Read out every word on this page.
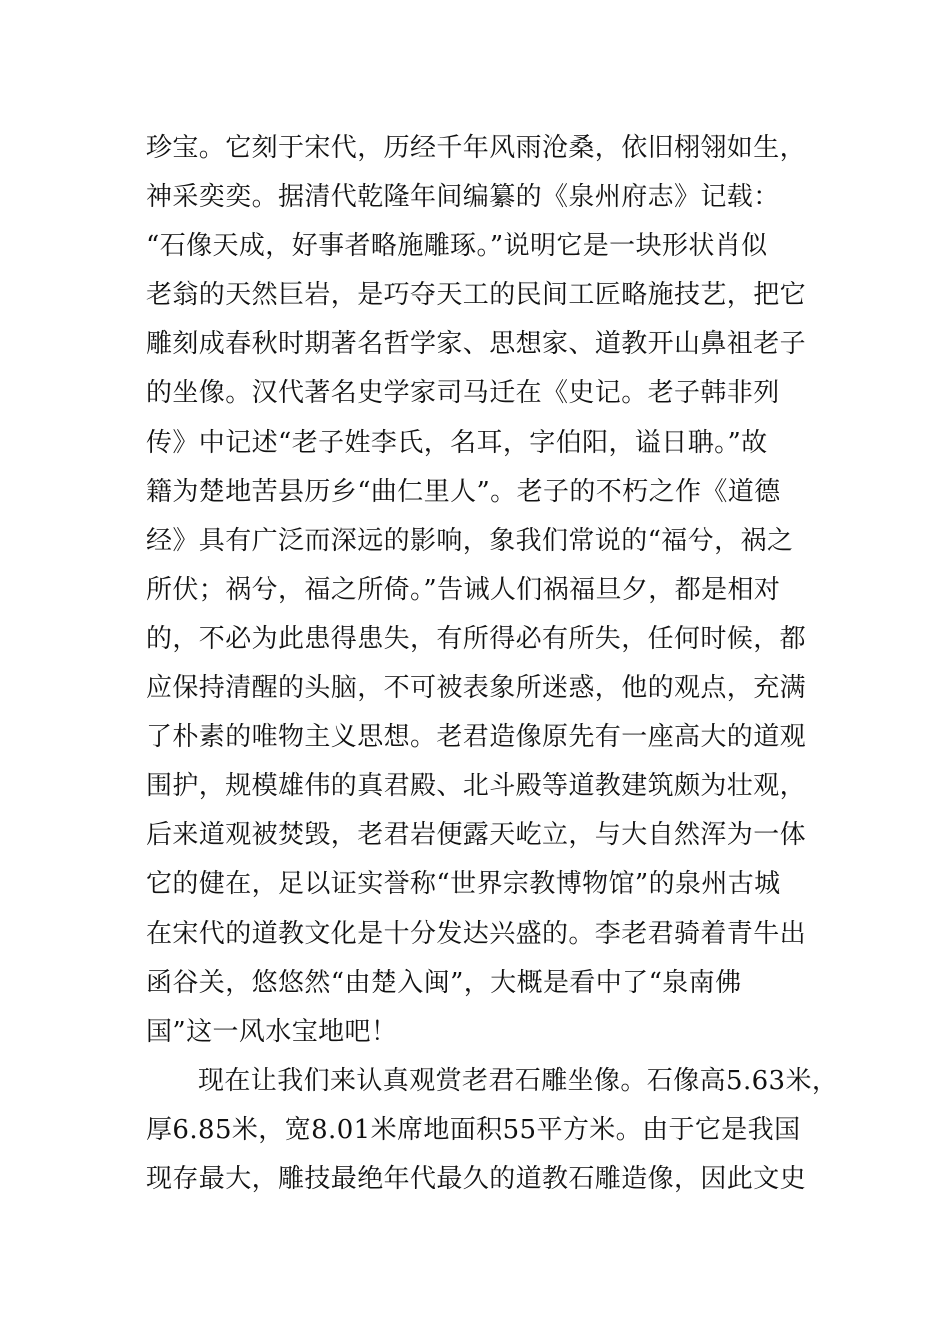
珍宝。它刻于宋代，历经千年风雨沧桑，依旧栩翎如生，
神采奕奕。据清代乾隆年间编纂的《泉州府志》记载：
“石像天成，好事者略施雕琢。”说明它是一块形状肖似
老翁的天然巨岩，是巧夺天工的民间工匠略施技艺，把它
雕刻成春秋时期著名哲学家、思想家、道教开山鼻祖老子
的坐像。汉代著名史学家司马迁在《史记。老子韩非列
传》中记述“老子姓李氏，名耳，字伯阳，谥日聃。”故
籍为楚地苦县历乡“曲仁里人”。老子的不朽之作《道德
经》具有广泛而深远的影响，象我们常说的“福兮，祸之
所伏；祸兮，福之所倚。”告诫人们祸福旦夕，都是相对
的，不必为此患得患失，有所得必有所失，任何时候，都
应保持清醒的头脑，不可被表象所迷惑，他的观点，充满
了朴素的唯物主义思想。老君造像原先有一座高大的道观
围护，规模雄伟的真君殿、北斗殿等道教建筑颇为壮观，
后来道观被焚毁，老君岩便露天屹立，与大自然浑为一体
它的健在，足以证实誉称“世界宗教博物馆”的泉州古城
在宋代的道教文化是十分发达兴盛的。李老君骑着青牛出
函谷关，悠悠然“由楚入闽”，大概是看中了“泉南佛
国”这一风水宝地吧！
现在让我们来认真观赏老君石雕坐像。石像高5.63米，
厚6.85米，宽8.01米席地面积55平方米。由于它是我国
现存最大，雕技最绝年代最久的道教石雕造像，因此文史
